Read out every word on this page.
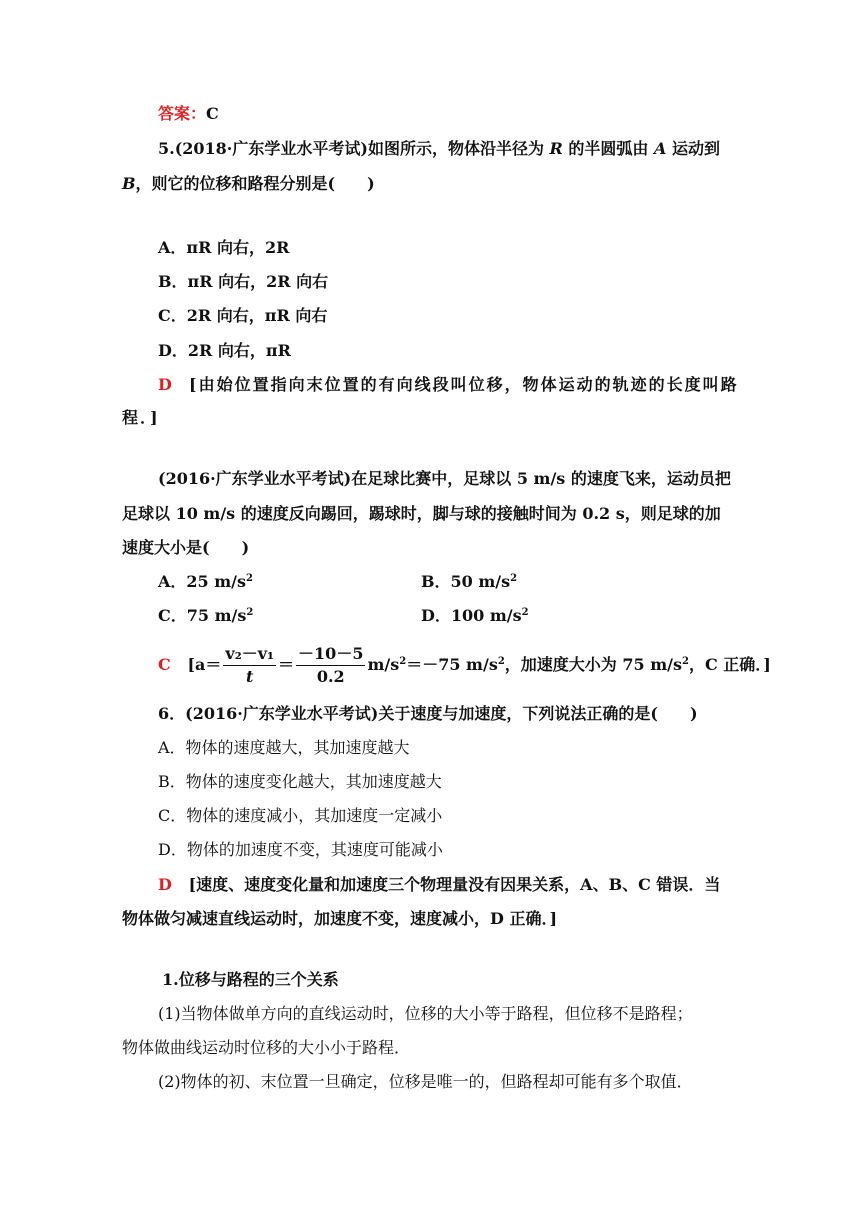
答案：C
5.(2018·广东学业水平考试)如图所示，物体沿半径为 R 的半圆弧由 A 运动到
B，则它的位移和路程分别是(　　)
A．πR 向右，2R
B．πR 向右，2R 向右
C．2R 向右，πR 向右
D．2R 向右，πR
D [由始位置指向末位置的有向线段叫位移，物体运动的轨迹的长度叫路
程．]
(2016·广东学业水平考试)在足球比赛中，足球以 5 m/s 的速度飞来，运动员把
足球以 10 m/s 的速度反向踢回，踢球时，脚与球的接触时间为 0.2 s，则足球的加
速度大小是(　　)
A．25 $m/s^2$	B．50 $m/s^2$
C．75 $m/s^2$	D．100 $m/s^2$
C [$a= \frac{\text{v₂－v₁}}{t} = \frac{-10-5}{0.2} m/s^2=-75$ $m/s^2$，加速度大小为 75 $m/s^2$，C 正确．]
6．(2016·广东学业水平考试)关于速度与加速度，下列说法正确的是(　　)
A．物体的速度越大，其加速度越大
B．物体的速度变化越大，其加速度越大
C．物体的速度减小，其加速度一定减小
D．物体的加速度不变，其速度可能减小
D [速度、速度变化量和加速度三个物理量没有因果关系，A、B、C 错误．当
物体做匀减速直线运动时，加速度不变，速度减小，D 正确．]
1.位移与路程的三个关系
(1)当物体做单方向的直线运动时，位移的大小等于路程，但位移不是路程；
物体做曲线运动时位移的大小小于路程．
(2)物体的初、末位置一旦确定，位移是唯一的，但路程却可能有多个取值．
